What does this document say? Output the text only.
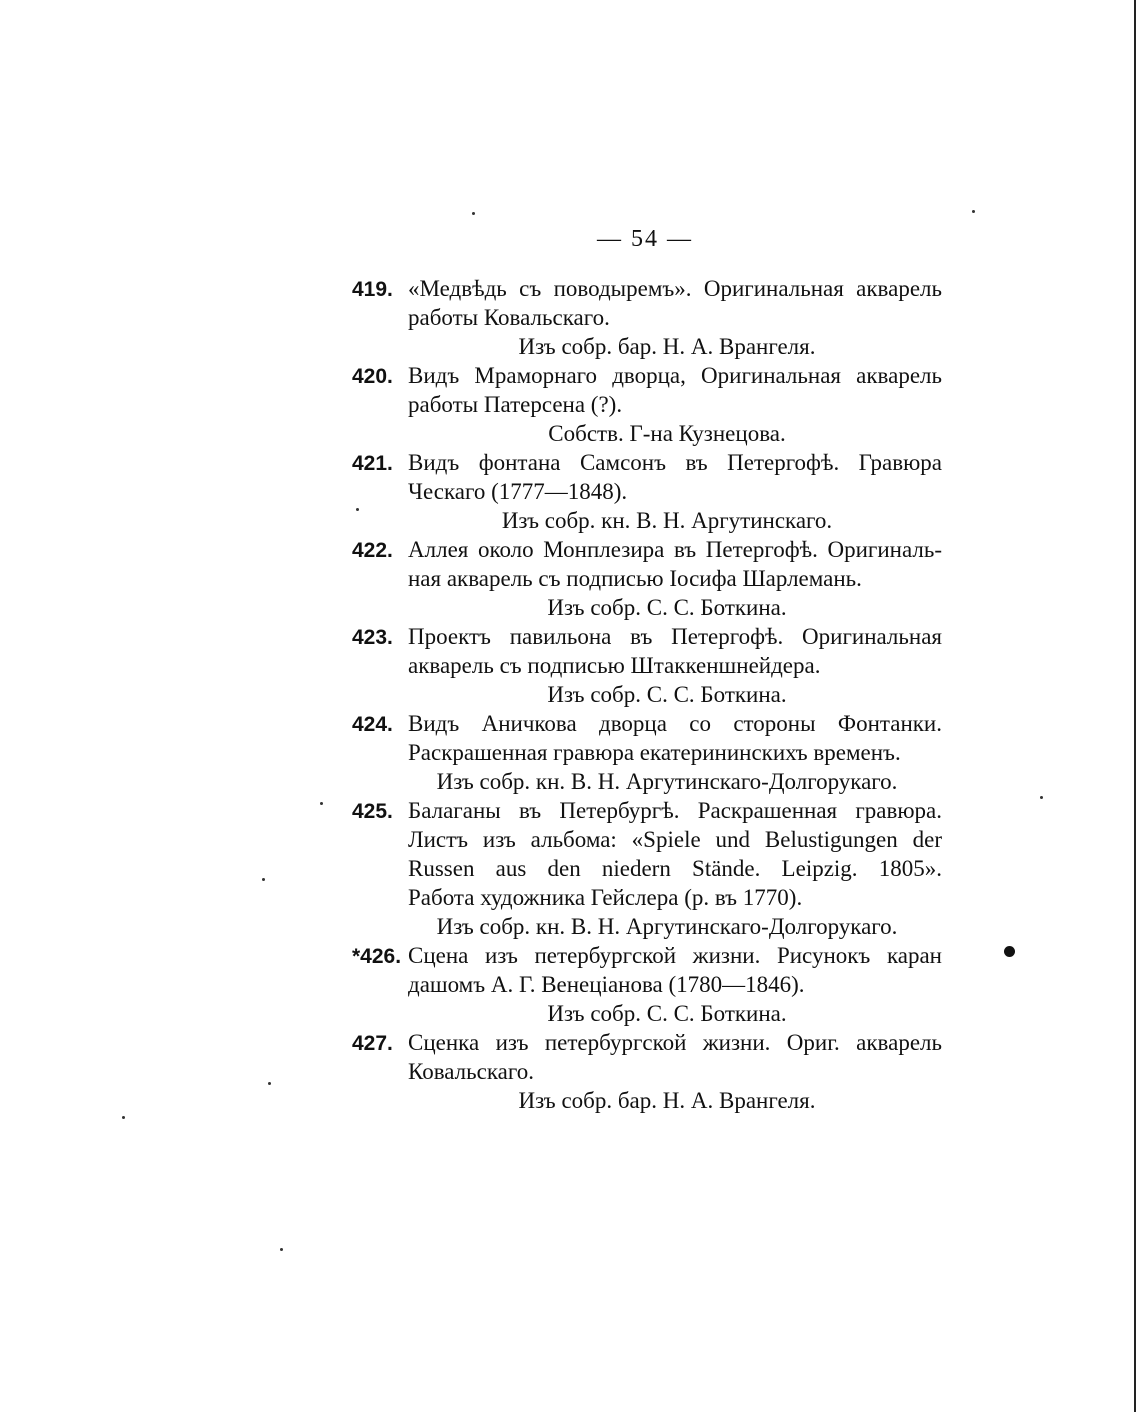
— 54 —
419. «Медвѣдь съ поводыремъ». Оригинальная акварель
работы Ковальскаго.
Изъ собр. бар. Н. А. Врангеля.
420. Видъ Мраморнаго дворца, Оригинальная акварель
работы Патерсена (?).
Собств. Г-на Кузнецова.
421. Видъ фонтана Самсонъ въ Петергофѣ. Гравюра
Ческаго (1777—1848).
Изъ собр. кн. В. Н. Аргутинскаго.
422. Аллея около Монплезира въ Петергофѣ. Оригиналь-
ная акварель съ подписью Іосифа Шарлемань.
Изъ собр. С. С. Боткина.
423. Проектъ павильона въ Петергофѣ. Оригинальная
акварель съ подписью Штаккеншнейдера.
Изъ собр. С. С. Боткина.
424. Видъ Аничкова дворца со стороны Фонтанки.
Раскрашенная гравюра екатерининскихъ временъ.
Изъ собр. кн. В. Н. Аргутинскаго-Долгорукаго.
425. Балаганы въ Петербургѣ. Раскрашенная гравюра.
Листъ изъ альбома: «Spiele und Belustigungen der
Russen aus den niedern Stände. Leipzig. 1805».
Работа художника Гейслера (р. въ 1770).
Изъ собр. кн. В. Н. Аргутинскаго-Долгорукаго.
*426. Сцена изъ петербургской жизни. Рисунокъ каран
дашомъ А. Г. Венеціанова (1780—1846).
Изъ собр. С. С. Боткина.
427. Сценка изъ петербургской жизни. Ориг. акварель
Ковальскаго.
Изъ собр. бар. Н. А. Врангеля.
